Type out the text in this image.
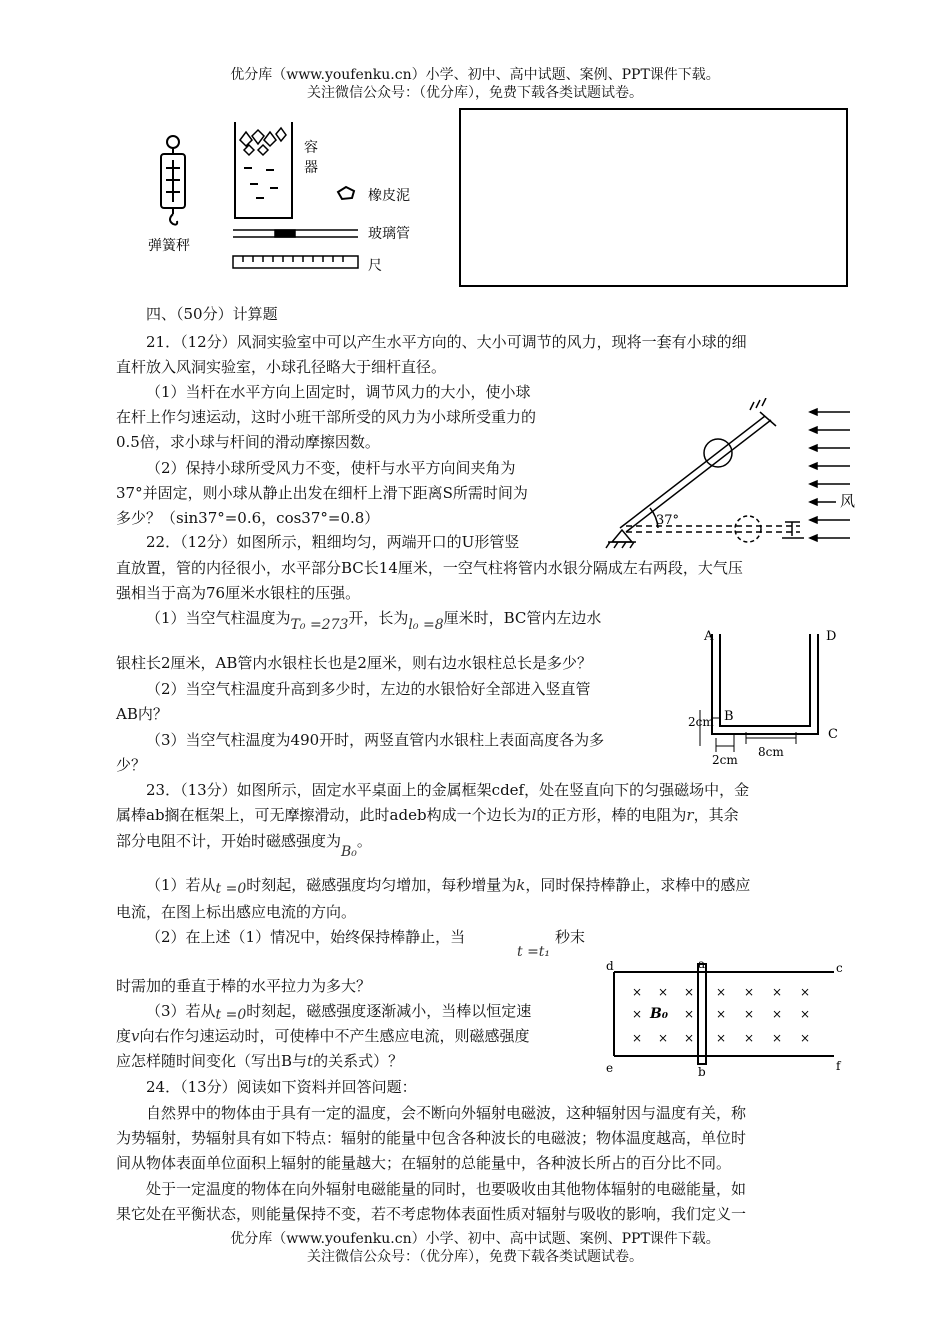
优分库（www.youfenku.cn）小学、初中、高中试题、案例、PPT课件下载。
关注微信公众号：（优分库），免费下载各类试题试卷。
弹簧秤
容
器
橡皮泥
玻璃管
尺
四、（50分）计算题
21．（12分）风洞实验室中可以产生水平方向的、大小可调节的风力，现将一套有小球的细
直杆放入风洞实验室，小球孔径略大于细杆直径。
（1）当杆在水平方向上固定时，调节风力的大小，使小球
在杆上作匀速运动，这时小班干部所受的风力为小球所受重力的
0.5倍，求小球与杆间的滑动摩擦因数。
（2）保持小球所受风力不变，使杆与水平方向间夹角为
37°并固定，则小球从静止出发在细杆上滑下距离S所需时间为
多少？（sin37°=0.6，cos37°=0.8）	37°
风
22．（12分）如图所示，粗细均匀，两端开口的U形管竖
直放置，管的内径很小，水平部分BC长14厘米，一空气柱将管内水银分隔成左右两段，大气压
强相当于高为76厘米水银柱的压强。
（1）当空气柱温度为T₀ =273开，长为l₀ =8厘米时，BC管内左边水
银柱长2厘米，AB管内水银柱长也是2厘米，则右边水银柱总长是多少？
（2）当空气柱温度升高到多少时，左边的水银恰好全部进入竖直管
AB内？
（3）当空气柱温度为490开时，两竖直管内水银柱上表面高度各为多
少？
A	D
B
C
2cm
2cm
8cm
23．（13分）如图所示，固定水平桌面上的金属框架cdef，处在竖直向下的匀强磁场中，金
属棒ab搁在框架上，可无摩擦滑动，此时adeb构成一个边长为l的正方形，棒的电阻为r，其余
部分电阻不计，开始时磁感强度为B₀。
（1）若从t =0时刻起，磁感强度均匀增加，每秒增量为k，同时保持棒静止，求棒中的感应
电流，在图上标出感应电流的方向。
（2）在上述（1）情况中，始终保持棒静止，当
t =t₁
秒末
时需加的垂直于棒的水平拉力为多大？
（3）若从t =0时刻起，磁感强度逐渐减小，当棒以恒定速
度v向右作匀速运动时，可使棒中不产生感应电流，则磁感强度
应怎样随时间变化（写出B与t的关系式）？
× × ×
×	×
× × ×
× × × ×
× × × ×
× × × ×
B₀
d	a	c
e	b	f
24．（13分）阅读如下资料并回答问题：
自然界中的物体由于具有一定的温度，会不断向外辐射电磁波，这种辐射因与温度有关，称
为势辐射，势辐射具有如下特点：辐射的能量中包含各种波长的电磁波；物体温度越高，单位时
间从物体表面单位面积上辐射的能量越大；在辐射的总能量中，各种波长所占的百分比不同。
处于一定温度的物体在向外辐射电磁能量的同时，也要吸收由其他物体辐射的电磁能量，如
果它处在平衡状态，则能量保持不变，若不考虑物体表面性质对辐射与吸收的影响，我们定义一
优分库（www.youfenku.cn）小学、初中、高中试题、案例、PPT课件下载。
关注微信公众号：（优分库），免费下载各类试题试卷。
